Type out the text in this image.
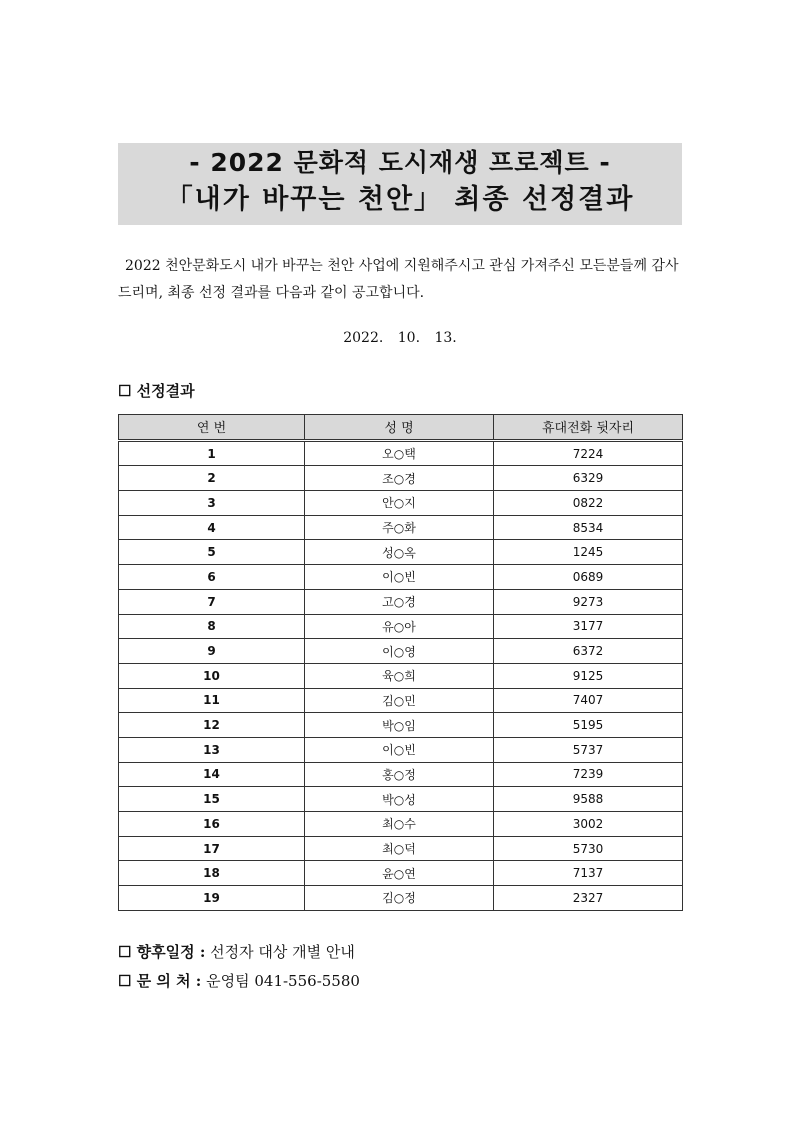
- 2022 문화적 도시재생 프로젝트 -
「내가 바꾸는 천안」 최종 선정결과
2022 천안문화도시 내가 바꾸는 천안 사업에 지원해주시고 관심 가져주신 모든분들께 감사드리며, 최종 선정 결과를 다음과 같이 공고합니다.
2022. 10. 13.
☐ 선정결과
연 번	성 명	휴대전화 뒷자리
1	오○택	7224
2	조○경	6329
3	안○지	0822
4	주○화	8534
5	성○옥	1245
6	이○빈	0689
7	고○경	9273
8	유○아	3177
9	이○영	6372
10	육○희	9125
11	김○민	7407
12	박○임	5195
13	이○빈	5737
14	홍○정	7239
15	박○성	9588
16	최○수	3002
17	최○덕	5730
18	윤○연	7137
19	김○정	2327
☐ 향후일정 : 선정자 대상 개별 안내
☐ 문 의 처 : 운영팀 041-556-5580
